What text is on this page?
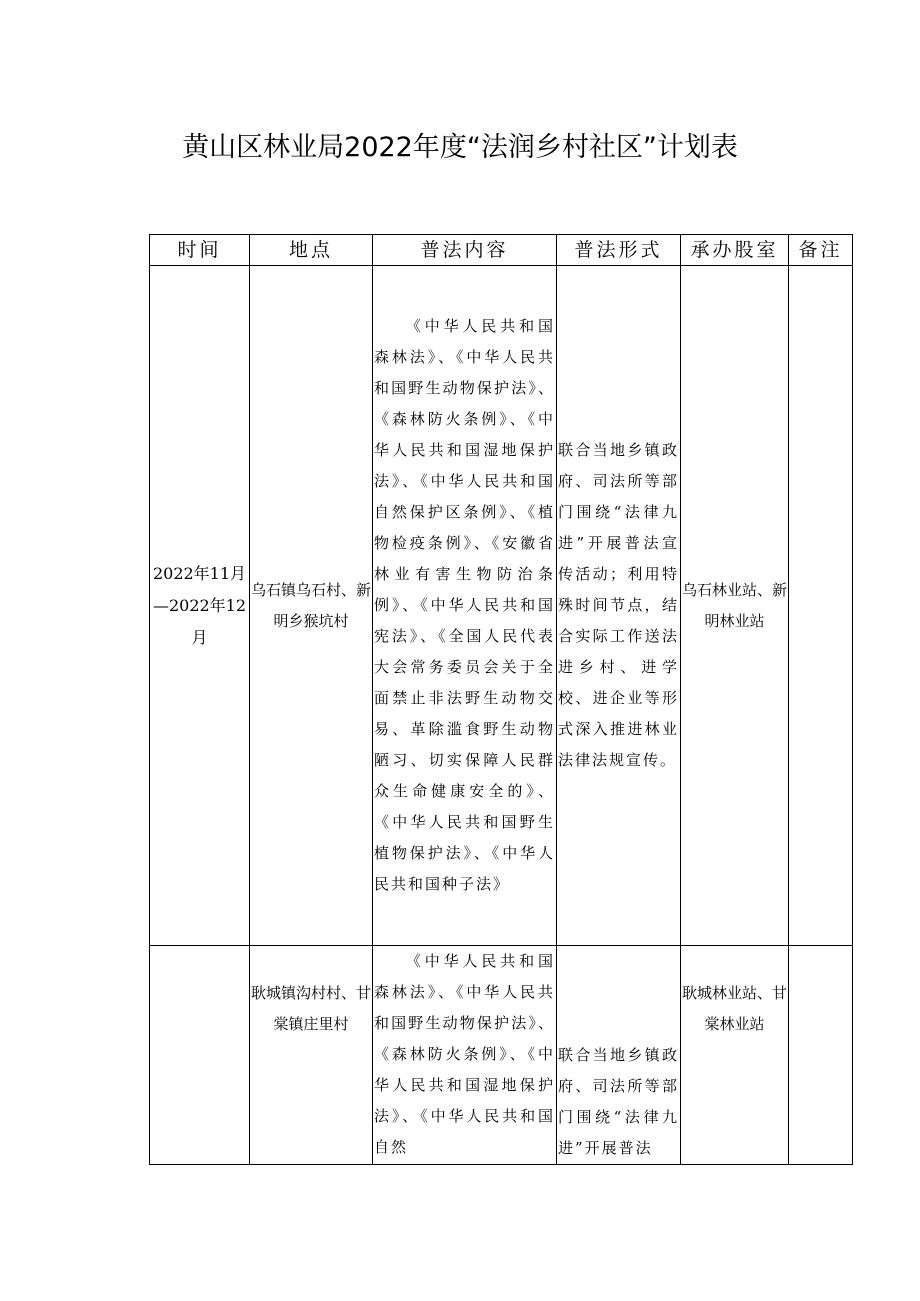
黄山区林业局2022年度“法润乡村社区”计划表
时间	地点	普法内容	普法形式	承办股室	备注

2022年11月—2022年12月	乌石镇乌石村、新明乡猴坑村	《中华人民共和国森林法》、《中华人民共和国野生动物保护法》、《森林防火条例》、《中华人民共和国湿地保护法》、《中华人民共和国自然保护区条例》、《植物检疫条例》、《安徽省林业有害生物防治条例》、《中华人民共和国宪法》、《全国人民代表大会常务委员会关于全面禁止非法野生动物交易、革除滥食野生动物陋习、切实保障人民群众生命健康安全的》、《中华人民共和国野生植物保护法》、《中华人民共和国种子法》	联合当地乡镇政府、司法所等部门围绕“法律九进”开展普法宣传活动；利用特殊时间节点，结合实际工作送法进乡村、进学校、进企业等形式深入推进林业法律法规宣传。	乌石林业站、新明林业站	
	耿城镇沟村村、甘棠镇庄里村	《中华人民共和国森林法》、《中华人民共和国野生动物保护法》、《森林防火条例》、《中华人民共和国湿地保护法》、《中华人民共和国自然	联合当地乡镇政府、司法所等部门围绕“法律九进”开展普法	耿城林业站、甘棠林业站	
